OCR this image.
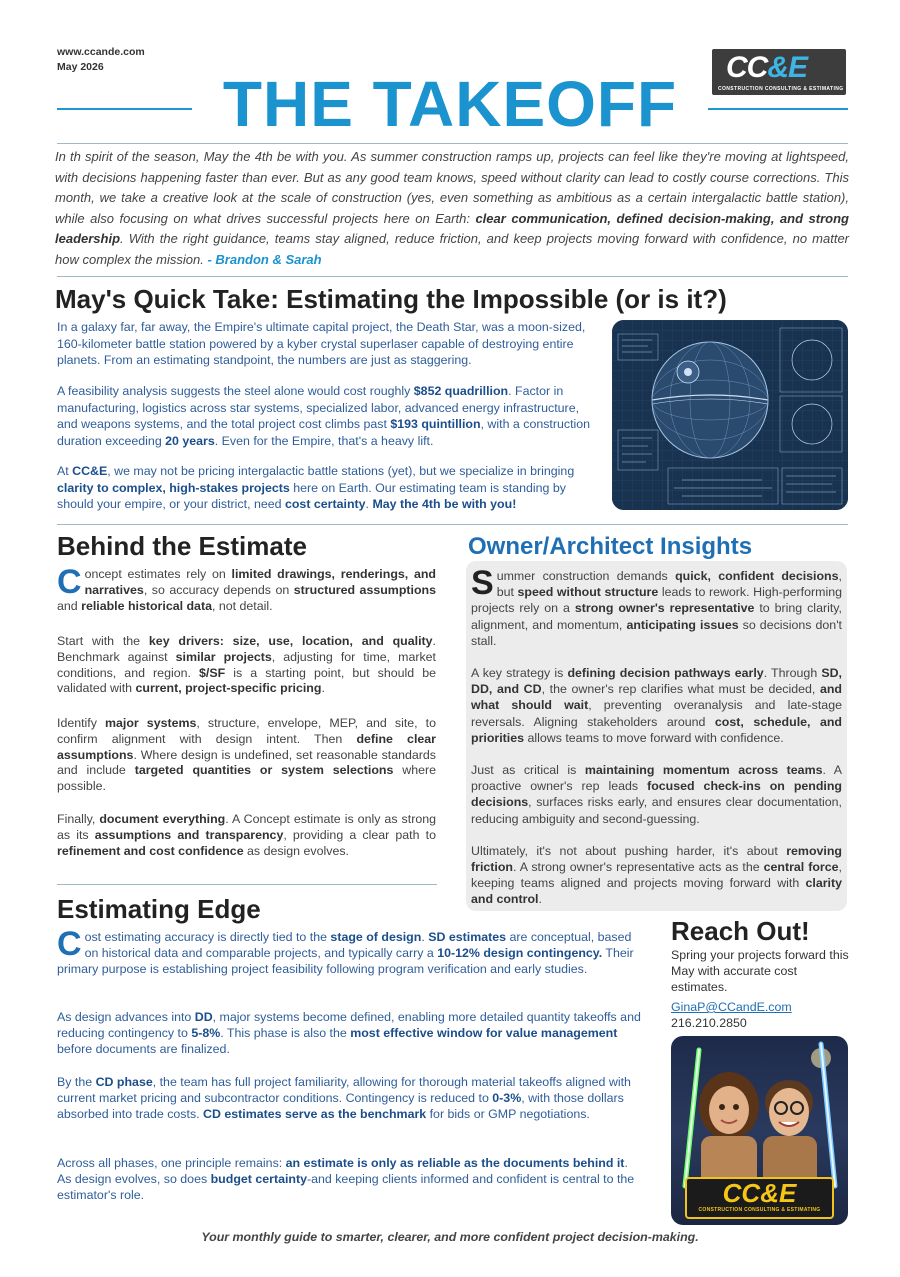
www.ccande.com
May 2026
THE TAKEOFF
CC&E
CONSTRUCTION CONSULTING & ESTIMATING
In th spirit of the season, May the 4th be with you. As summer construction ramps up, projects can feel like they're moving at lightspeed, with decisions happening faster than ever. But as any good team knows, speed without clarity can lead to costly course corrections. This month, we take a creative look at the scale of construction (yes, even something as ambitious as a certain intergalactic battle station), while also focusing on what drives successful projects here on Earth: clear communication, defined decision-making, and strong leadership. With the right guidance, teams stay aligned, reduce friction, and keep projects moving forward with confidence, no matter how complex the mission. - Brandon & Sarah
May's Quick Take: Estimating the Impossible (or is it?)
In a galaxy far, far away, the Empire's ultimate capital project, the Death Star, was a moon-sized, 160-kilometer battle station powered by a kyber crystal superlaser capable of destroying entire planets. From an estimating standpoint, the numbers are just as staggering.
A feasibility analysis suggests the steel alone would cost roughly $852 quadrillion. Factor in manufacturing, logistics across star systems, specialized labor, advanced energy infrastructure, and weapons systems, and the total project cost climbs past $193 quintillion, with a construction duration exceeding 20 years. Even for the Empire, that's a heavy lift.
At CC&E, we may not be pricing intergalactic battle stations (yet), but we specialize in bringing clarity to complex, high-stakes projects here on Earth. Our estimating team is standing by should your empire, or your district, need cost certainty. May the 4th be with you!
Behind the Estimate
Concept estimates rely on limited drawings, renderings, and narratives, so accuracy depends on structured assumptions and reliable historical data, not detail.
Start with the key drivers: size, use, location, and quality. Benchmark against similar projects, adjusting for time, market conditions, and region. $/SF is a starting point, but should be validated with current, project-specific pricing.
Identify major systems, structure, envelope, MEP, and site, to confirm alignment with design intent. Then define clear assumptions. Where design is undefined, set reasonable standards and include targeted quantities or system selections where possible.
Finally, document everything. A Concept estimate is only as strong as its assumptions and transparency, providing a clear path to refinement and cost confidence as design evolves.
Owner/Architect Insights
Summer construction demands quick, confident decisions, but speed without structure leads to rework. High-performing projects rely on a strong owner's representative to bring clarity, alignment, and momentum, anticipating issues so decisions don't stall.
A key strategy is defining decision pathways early. Through SD, DD, and CD, the owner's rep clarifies what must be decided, and what should wait, preventing overanalysis and late-stage reversals. Aligning stakeholders around cost, schedule, and priorities allows teams to move forward with confidence.
Just as critical is maintaining momentum across teams. A proactive owner's rep leads focused check-ins on pending decisions, surfaces risks early, and ensures clear documentation, reducing ambiguity and second-guessing.
Ultimately, it's not about pushing harder, it's about removing friction. A strong owner's representative acts as the central force, keeping teams aligned and projects moving forward with clarity and control.
Estimating Edge
Cost estimating accuracy is directly tied to the stage of design. SD estimates are conceptual, based on historical data and comparable projects, and typically carry a 10-12% design contingency. Their primary purpose is establishing project feasibility following program verification and early studies.
As design advances into DD, major systems become defined, enabling more detailed quantity takeoffs and reducing contingency to 5-8%. This phase is also the most effective window for value management before documents are finalized.
By the CD phase, the team has full project familiarity, allowing for thorough material takeoffs aligned with current market pricing and subcontractor conditions. Contingency is reduced to 0-3%, with those dollars absorbed into trade costs. CD estimates serve as the benchmark for bids or GMP negotiations.
Across all phases, one principle remains: an estimate is only as reliable as the documents behind it. As design evolves, so does budget certainty-and keeping clients informed and confident is central to the estimator's role.
Reach Out!
Spring your projects forward this May with accurate cost estimates.
GinaP@CCandE.com
216.210.2850
CC&E
CONSTRUCTION CONSULTING & ESTIMATING
Your monthly guide to smarter, clearer, and more confident project decision-making.
